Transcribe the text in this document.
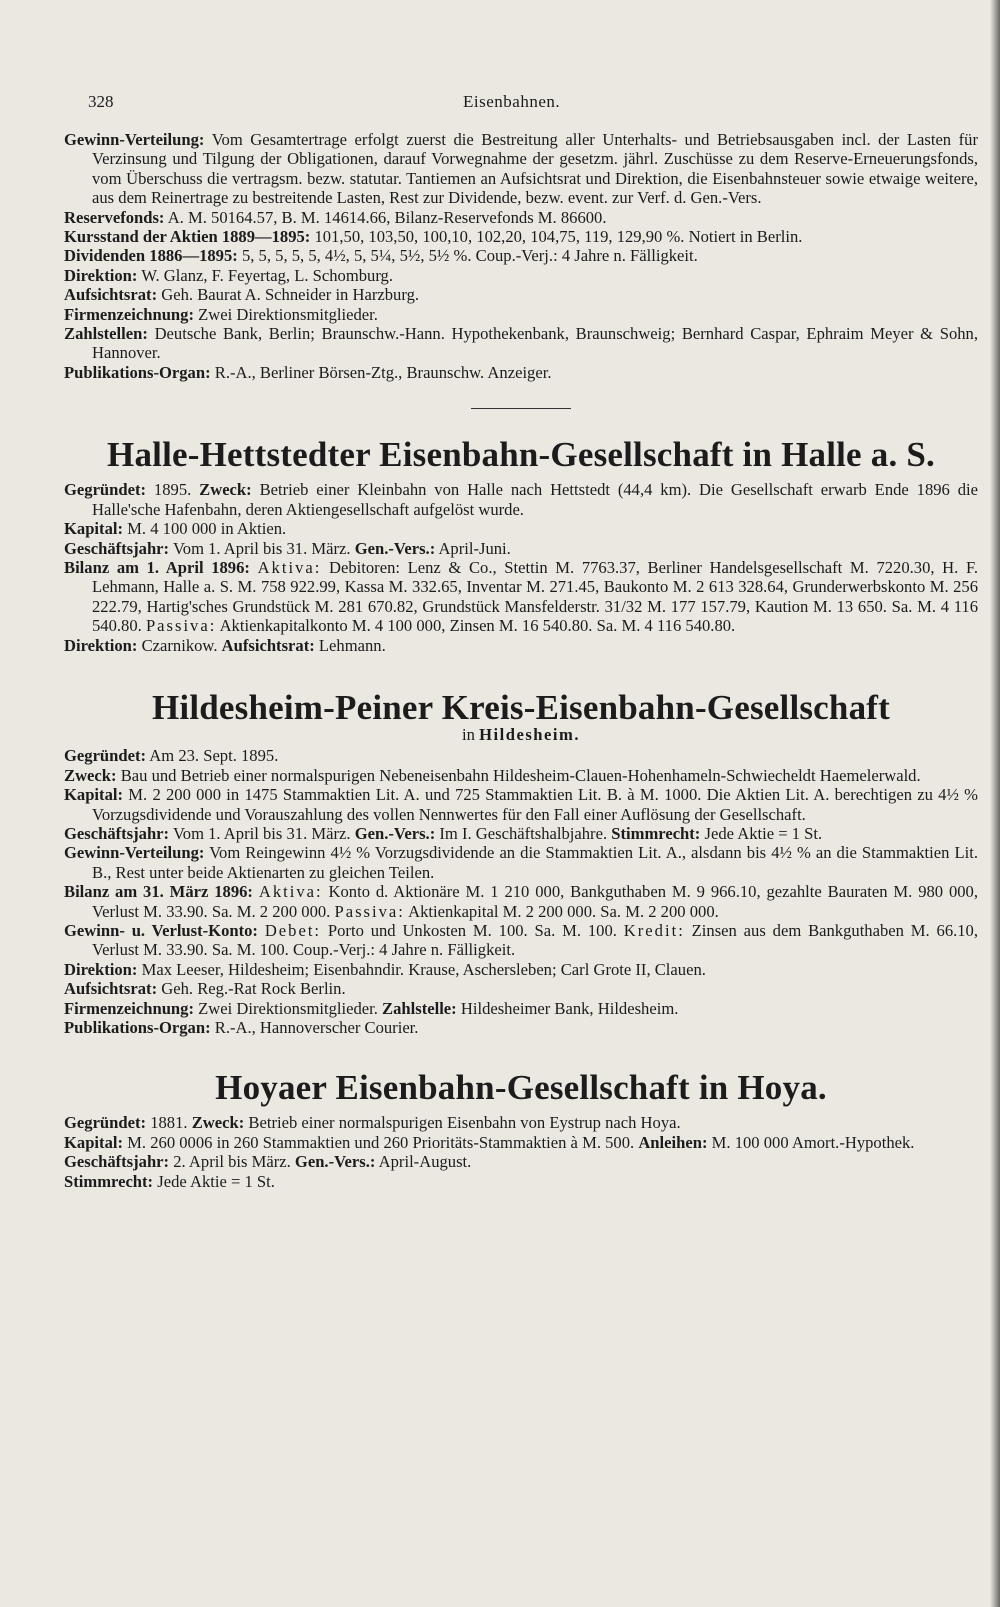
328	Eisenbahnen.

Gewinn-Verteilung: Vom Gesamtertrage erfolgt zuerst die Bestreitung aller Unterhalts- und Betriebsausgaben incl. der Lasten für Verzinsung und Tilgung der Obligationen, darauf Vorwegnahme der gesetzm. jährl. Zuschüsse zu dem Reserve-Erneuerungsfonds, vom Überschuss die vertragsm. bezw. statutar. Tantiemen an Aufsichtsrat und Direktion, die Eisenbahnsteuer sowie etwaige weitere, aus dem Reinertrage zu bestreitende Lasten, Rest zur Dividende, bezw. event. zur Verf. d. Gen.-Vers.

Reservefonds: A. M. 50164.57, B. M. 14614.66, Bilanz-Reservefonds M. 86600.

Kursstand der Aktien 1889—1895: 101,50, 103,50, 100,10, 102,20, 104,75, 119, 129,90 %. Notiert in Berlin.

Dividenden 1886—1895: 5, 5, 5, 5, 5, 4½, 5, 5¼, 5½, 5½ %. Coup.-Verj.: 4 Jahre n. Fälligkeit.

Direktion: W. Glanz, F. Feyertag, L. Schomburg.

Aufsichtsrat: Geh. Baurat A. Schneider in Harzburg.

Firmenzeichnung: Zwei Direktionsmitglieder.

Zahlstellen: Deutsche Bank, Berlin; Braunschw.-Hann. Hypothekenbank, Braunschweig; Bernhard Caspar, Ephraim Meyer & Sohn, Hannover.

Publikations-Organ: R.-A., Berliner Börsen-Ztg., Braunschw. Anzeiger.

Halle-Hettstedter Eisenbahn-Gesellschaft in Halle a. S.

Gegründet: 1895. Zweck: Betrieb einer Kleinbahn von Halle nach Hettstedt (44,4 km). Die Gesellschaft erwarb Ende 1896 die Halle'sche Hafenbahn, deren Aktiengesellschaft aufgelöst wurde.

Kapital: M. 4 100 000 in Aktien.

Geschäftsjahr: Vom 1. April bis 31. März. Gen.-Vers.: April-Juni.

Bilanz am 1. April 1896: Aktiva: Debitoren: Lenz & Co., Stettin M. 7763.37, Berliner Handelsgesellschaft M. 7220.30, H. F. Lehmann, Halle a. S. M. 758 922.99, Kassa M. 332.65, Inventar M. 271.45, Baukonto M. 2 613 328.64, Grunderwerbskonto M. 256 222.79, Hartig'sches Grundstück M. 281 670.82, Grundstück Mansfelderstr. 31/32 M. 177 157.79, Kaution M. 13 650. Sa. M. 4 116 540.80. Passiva: Aktienkapitalkonto M. 4 100 000, Zinsen M. 16 540.80. Sa. M. 4 116 540.80.

Direktion: Czarnikow. Aufsichtsrat: Lehmann.

Hildesheim-Peiner Kreis-Eisenbahn-Gesellschaft

in Hildesheim.

Gegründet: Am 23. Sept. 1895.

Zweck: Bau und Betrieb einer normalspurigen Nebeneisenbahn Hildesheim-Clauen-Hohenhameln-Schwiecheldt Haemelerwald.

Kapital: M. 2 200 000 in 1475 Stammaktien Lit. A. und 725 Stammaktien Lit. B. à M. 1000. Die Aktien Lit. A. berechtigen zu 4½ % Vorzugsdividende und Vorauszahlung des vollen Nennwertes für den Fall einer Auflösung der Gesellschaft.

Geschäftsjahr: Vom 1. April bis 31. März. Gen.-Vers.: Im I. Geschäftshalbjahre. Stimmrecht: Jede Aktie = 1 St.

Gewinn-Verteilung: Vom Reingewinn 4½ % Vorzugsdividende an die Stammaktien Lit. A., alsdann bis 4½ % an die Stammaktien Lit. B., Rest unter beide Aktienarten zu gleichen Teilen.

Bilanz am 31. März 1896: Aktiva: Konto d. Aktionäre M. 1 210 000, Bankguthaben M. 9 966.10, gezahlte Bauraten M. 980 000, Verlust M. 33.90. Sa. M. 2 200 000. Passiva: Aktienkapital M. 2 200 000. Sa. M. 2 200 000.

Gewinn- u. Verlust-Konto: Debet: Porto und Unkosten M. 100. Sa. M. 100. Kredit: Zinsen aus dem Bankguthaben M. 66.10, Verlust M. 33.90. Sa. M. 100. Coup.-Verj.: 4 Jahre n. Fälligkeit.

Direktion: Max Leeser, Hildesheim; Eisenbahndir. Krause, Aschersleben; Carl Grote II, Clauen.

Aufsichtsrat: Geh. Reg.-Rat Rock Berlin.

Firmenzeichnung: Zwei Direktionsmitglieder. Zahlstelle: Hildesheimer Bank, Hildesheim.

Publikations-Organ: R.-A., Hannoverscher Courier.

Hoyaer Eisenbahn-Gesellschaft in Hoya.

Gegründet: 1881. Zweck: Betrieb einer normalspurigen Eisenbahn von Eystrup nach Hoya.

Kapital: M. 260 0006 in 260 Stammaktien und 260 Prioritäts-Stammaktien à M. 500. Anleihen: M. 100 000 Amort.-Hypothek.

Geschäftsjahr: 2. April bis März. Gen.-Vers.: April-August.

Stimmrecht: Jede Aktie = 1 St.
